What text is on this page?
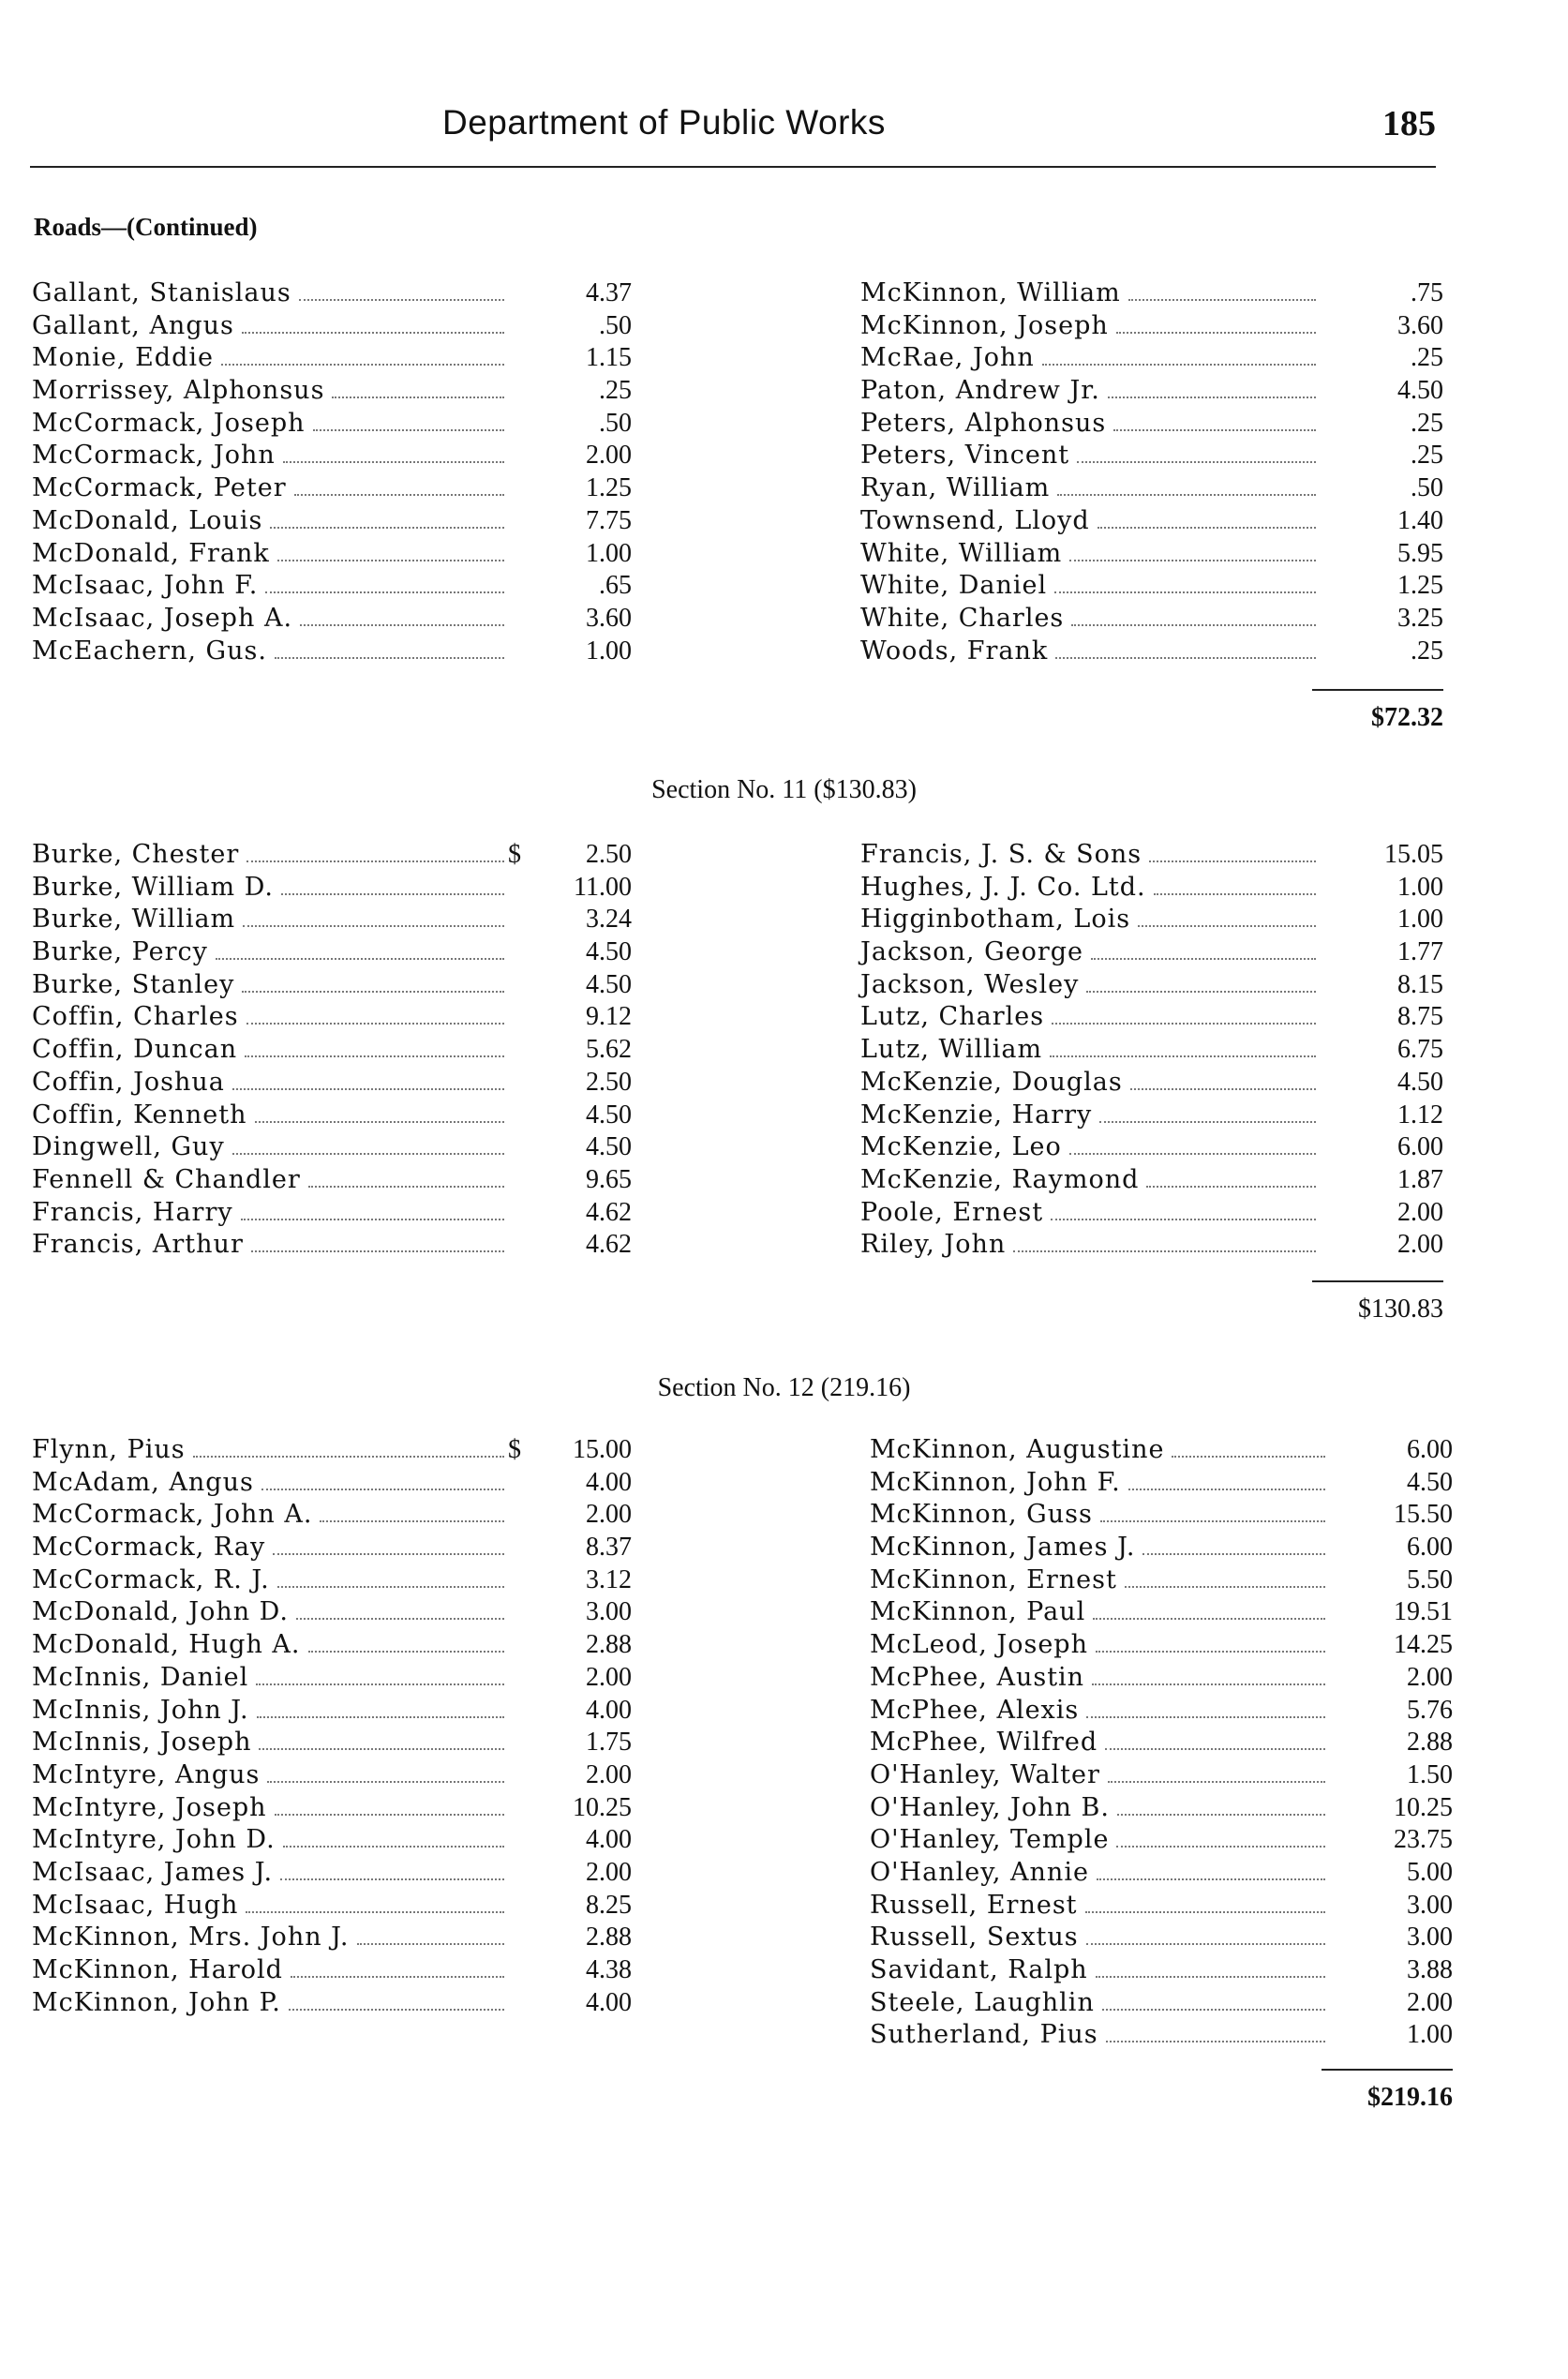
Department of Public Works	185
Roads—(Continued)
Gallant, Stanislaus	4.37
Gallant, Angus	.50
Monie, Eddie	1.15
Morrissey, Alphonsus	.25
McCormack, Joseph	.50
McCormack, John	2.00
McCormack, Peter	1.25
McDonald, Louis	7.75
McDonald, Frank	1.00
McIsaac, John F.	.65
McIsaac, Joseph A.	3.60
McEachern, Gus.	1.00
McKinnon, William	.75
McKinnon, Joseph	3.60
McRae, John	.25
Paton, Andrew Jr.	4.50
Peters, Alphonsus	.25
Peters, Vincent	.25
Ryan, William	.50
Townsend, Lloyd	1.40
White, William	5.95
White, Daniel	1.25
White, Charles	3.25
Woods, Frank	.25
$72.32
Section No. 11 ($130.83)
Burke, Chester	$	2.50
Burke, William D.	11.00
Burke, William	3.24
Burke, Percy	4.50
Burke, Stanley	4.50
Coffin, Charles	9.12
Coffin, Duncan	5.62
Coffin, Joshua	2.50
Coffin, Kenneth	4.50
Dingwell, Guy	4.50
Fennell & Chandler	9.65
Francis, Harry	4.62
Francis, Arthur	4.62
Francis, J. S. & Sons	15.05
Hughes, J. J. Co. Ltd.	1.00
Higginbotham, Lois	1.00
Jackson, George	1.77
Jackson, Wesley	8.15
Lutz, Charles	8.75
Lutz, William	6.75
McKenzie, Douglas	4.50
McKenzie, Harry	1.12
McKenzie, Leo	6.00
McKenzie, Raymond	1.87
Poole, Ernest	2.00
Riley, John	2.00
$130.83
Section No. 12 (219.16)
Flynn, Pius	$	15.00
McAdam, Angus	4.00
McCormack, John A.	2.00
McCormack, Ray	8.37
McCormack, R. J.	3.12
McDonald, John D.	3.00
McDonald, Hugh A.	2.88
McInnis, Daniel	2.00
McInnis, John J.	4.00
McInnis, Joseph	1.75
McIntyre, Angus	2.00
McIntyre, Joseph	10.25
McIntyre, John D.	4.00
McIsaac, James J.	2.00
McIsaac, Hugh	8.25
McKinnon, Mrs. John J.	2.88
McKinnon, Harold	4.38
McKinnon, John P.	4.00
McKinnon, Augustine	6.00
McKinnon, John F.	4.50
McKinnon, Guss	15.50
McKinnon, James J.	6.00
McKinnon, Ernest	5.50
McKinnon, Paul	19.51
McLeod, Joseph	14.25
McPhee, Austin	2.00
McPhee, Alexis	5.76
McPhee, Wilfred	2.88
O'Hanley, Walter	1.50
O'Hanley, John B.	10.25
O'Hanley, Temple	23.75
O'Hanley, Annie	5.00
Russell, Ernest	3.00
Russell, Sextus	3.00
Savidant, Ralph	3.88
Steele, Laughlin	2.00
Sutherland, Pius	1.00
$219.16
